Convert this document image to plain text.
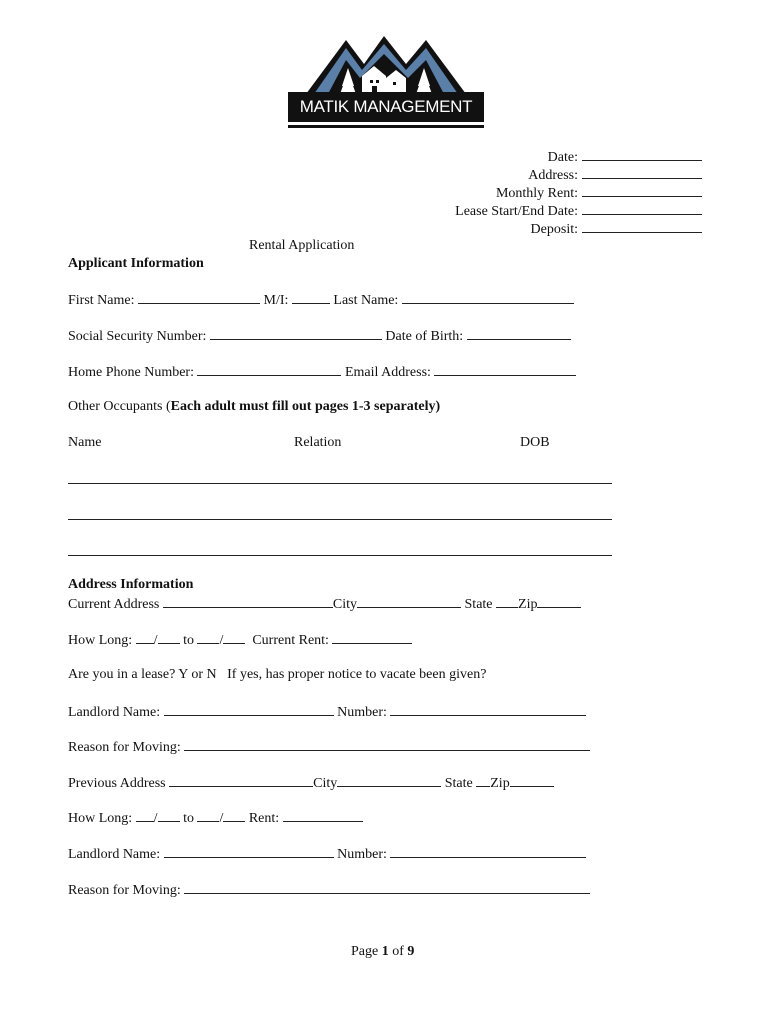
MATIK MANAGEMENT
Date:
Address:
Monthly Rent:
Lease Start/End Date:
Deposit:
Rental Application
Applicant Information
First Name:	M/I:	Last Name:
Social Security Number:	Date of Birth:
Home Phone Number:	Email Address:
Other Occupants (Each adult must fill out pages 1-3 separately)
Name	Relation	DOB
Address Information
Current Address	City	State Zip
How Long: / to / Current Rent:
Are you in a lease? Y or N If yes, has proper notice to vacate been given?
Landlord Name:	Number:
Reason for Moving:
Previous Address	City	State Zip
How Long: / to / Rent:
Landlord Name:	Number:
Reason for Moving:
Page 1 of 9
